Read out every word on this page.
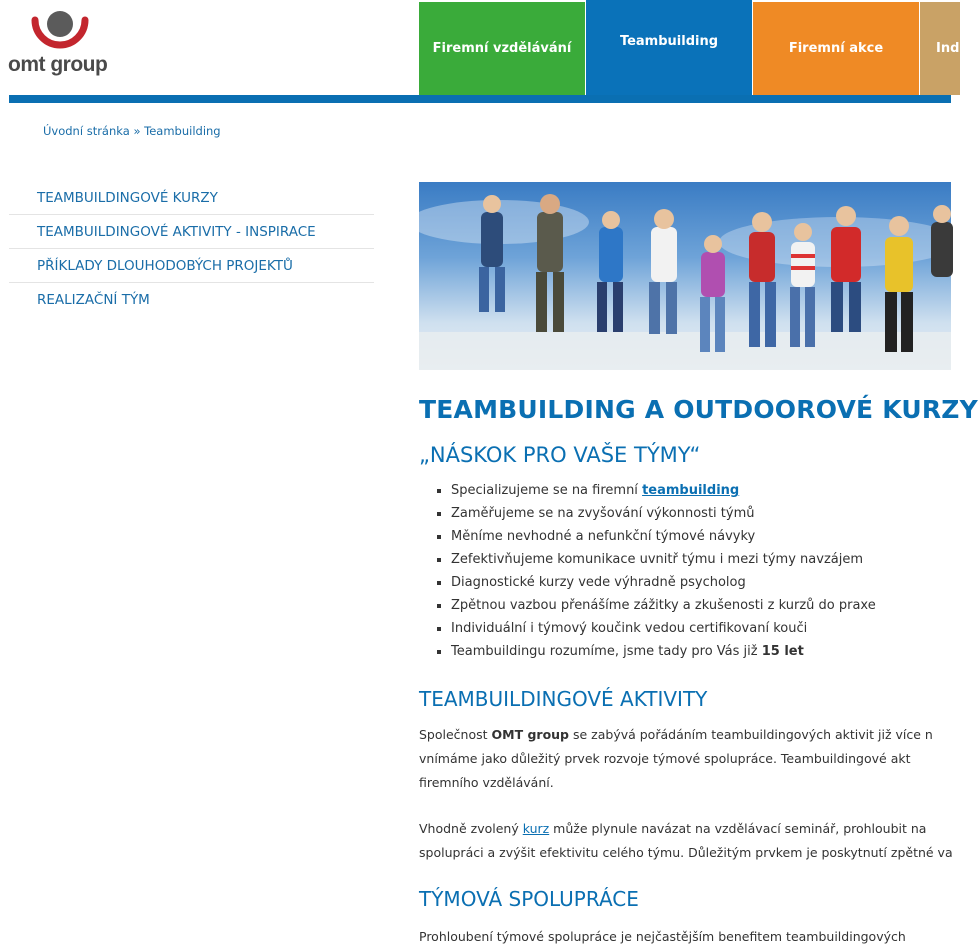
omt group
Firemní vzdělávání	Teambuilding	Firemní akce	Ind
Úvodní stránka » Teambuilding
TEAMBUILDINGOVÉ KURZY
TEAMBUILDINGOVÉ AKTIVITY - INSPIRACE
PŘÍKLADY DLOUHODOBÝCH PROJEKTŮ
REALIZAČNÍ TÝM
TEAMBUILDING A OUTDOOROVÉ KURZY
„NÁSKOK PRO VAŠE TÝMY“
▪ Specializujeme se na firemní teambuilding
▪ Zaměřujeme se na zvyšování výkonnosti týmů
▪ Měníme nevhodné a nefunkční týmové návyky
▪ Zefektivňujeme komunikace uvnitř týmu i mezi týmy navzájem
▪ Diagnostické kurzy vede výhradně psycholog
▪ Zpětnou vazbou přenášíme zážitky a zkušenosti z kurzů do praxe
▪ Individuální i týmový koučink vedou certifikovaní kouči
▪ Teambuildingu rozumíme, jsme tady pro Vás již 15 let
TEAMBUILDINGOVÉ AKTIVITY

Společnost OMT group se zabývá pořádáním teambuildingových aktivit již více n
vnímáme jako důležitý prvek rozvoje týmové spolupráce. Teambuildingové akt
firemního vzdělávání.

Vhodně zvolený kurz může plynule navázat na vzdělávací seminář, prohloubit na
spolupráci a zvýšit efektivitu celého týmu. Důležitým prvkem je poskytnutí zpětné va

TÝMOVÁ SPOLUPRÁCE

Prohloubení týmové spolupráce je nejčastějším benefitem teambuildingových
